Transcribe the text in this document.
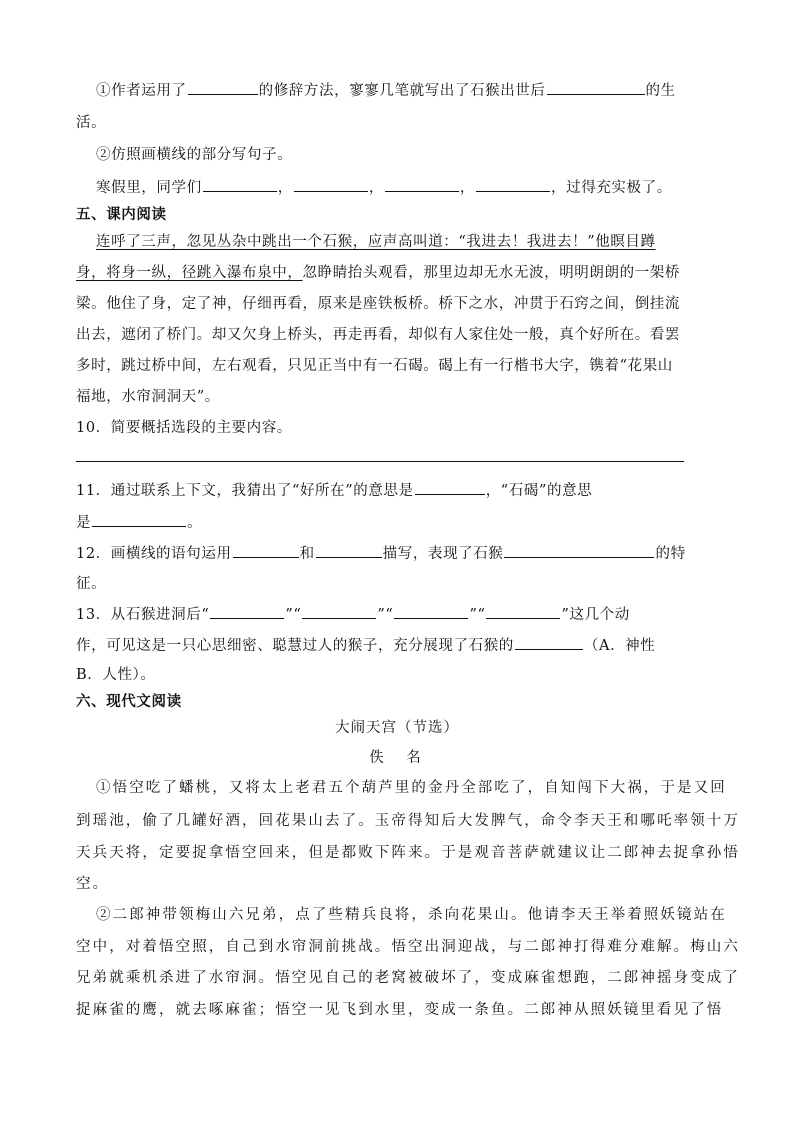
①作者运用了	的修辞方法，寥寥几笔就写出了石猴出世后	的生
活。
②仿照画横线的部分写句子。
寒假里，同学们	，	，	，	，过得充实极了。
五、课内阅读
连呼了三声，忽见丛杂中跳出一个石猴，应声高叫道：“我进去！我进去！”他瞑目蹲
身，将身一纵，径跳入瀑布泉中，忽睁睛抬头观看，那里边却无水无波，明明朗朗的一架桥
梁。他住了身，定了神，仔细再看，原来是座铁板桥。桥下之水，冲贯于石窍之间，倒挂流
出去，遮闭了桥门。却又欠身上桥头，再走再看，却似有人家住处一般，真个好所在。看罢
多时，跳过桥中间，左右观看，只见正当中有一石碣。碣上有一行楷书大字，镌着“花果山
福地，水帘洞洞天”。
10．简要概括选段的主要内容。
11．通过联系上下文，我猜出了“好所在”的意思是	，“石碣”的意思
是	。
12．画横线的语句运用	和	描写，表现了石猴	的特
征。
13．从石猴进洞后“	”“	”“	”“	”这几个动
作，可见这是一只心思细密、聪慧过人的猴子，充分展现了石猴的	（A．神性
B．人性）。
六、现代文阅读
大闹天宫（节选）
佚　名
①悟空吃了蟠桃，又将太上老君五个葫芦里的金丹全部吃了，自知闯下大祸，于是又回
到瑶池，偷了几罐好酒，回花果山去了。玉帝得知后大发脾气，命令李天王和哪吒率领十万
天兵天将，定要捉拿悟空回来，但是都败下阵来。于是观音菩萨就建议让二郎神去捉拿孙悟
空。
②二郎神带领梅山六兄弟，点了些精兵良将，杀向花果山。他请李天王举着照妖镜站在
空中，对着悟空照，自己到水帘洞前挑战。悟空出洞迎战，与二郎神打得难分难解。梅山六
兄弟就乘机杀进了水帘洞。悟空见自己的老窝被破坏了，变成麻雀想跑，二郎神摇身变成了
捉麻雀的鹰，就去啄麻雀；悟空一见飞到水里，变成一条鱼。二郎神从照妖镜里看见了悟
